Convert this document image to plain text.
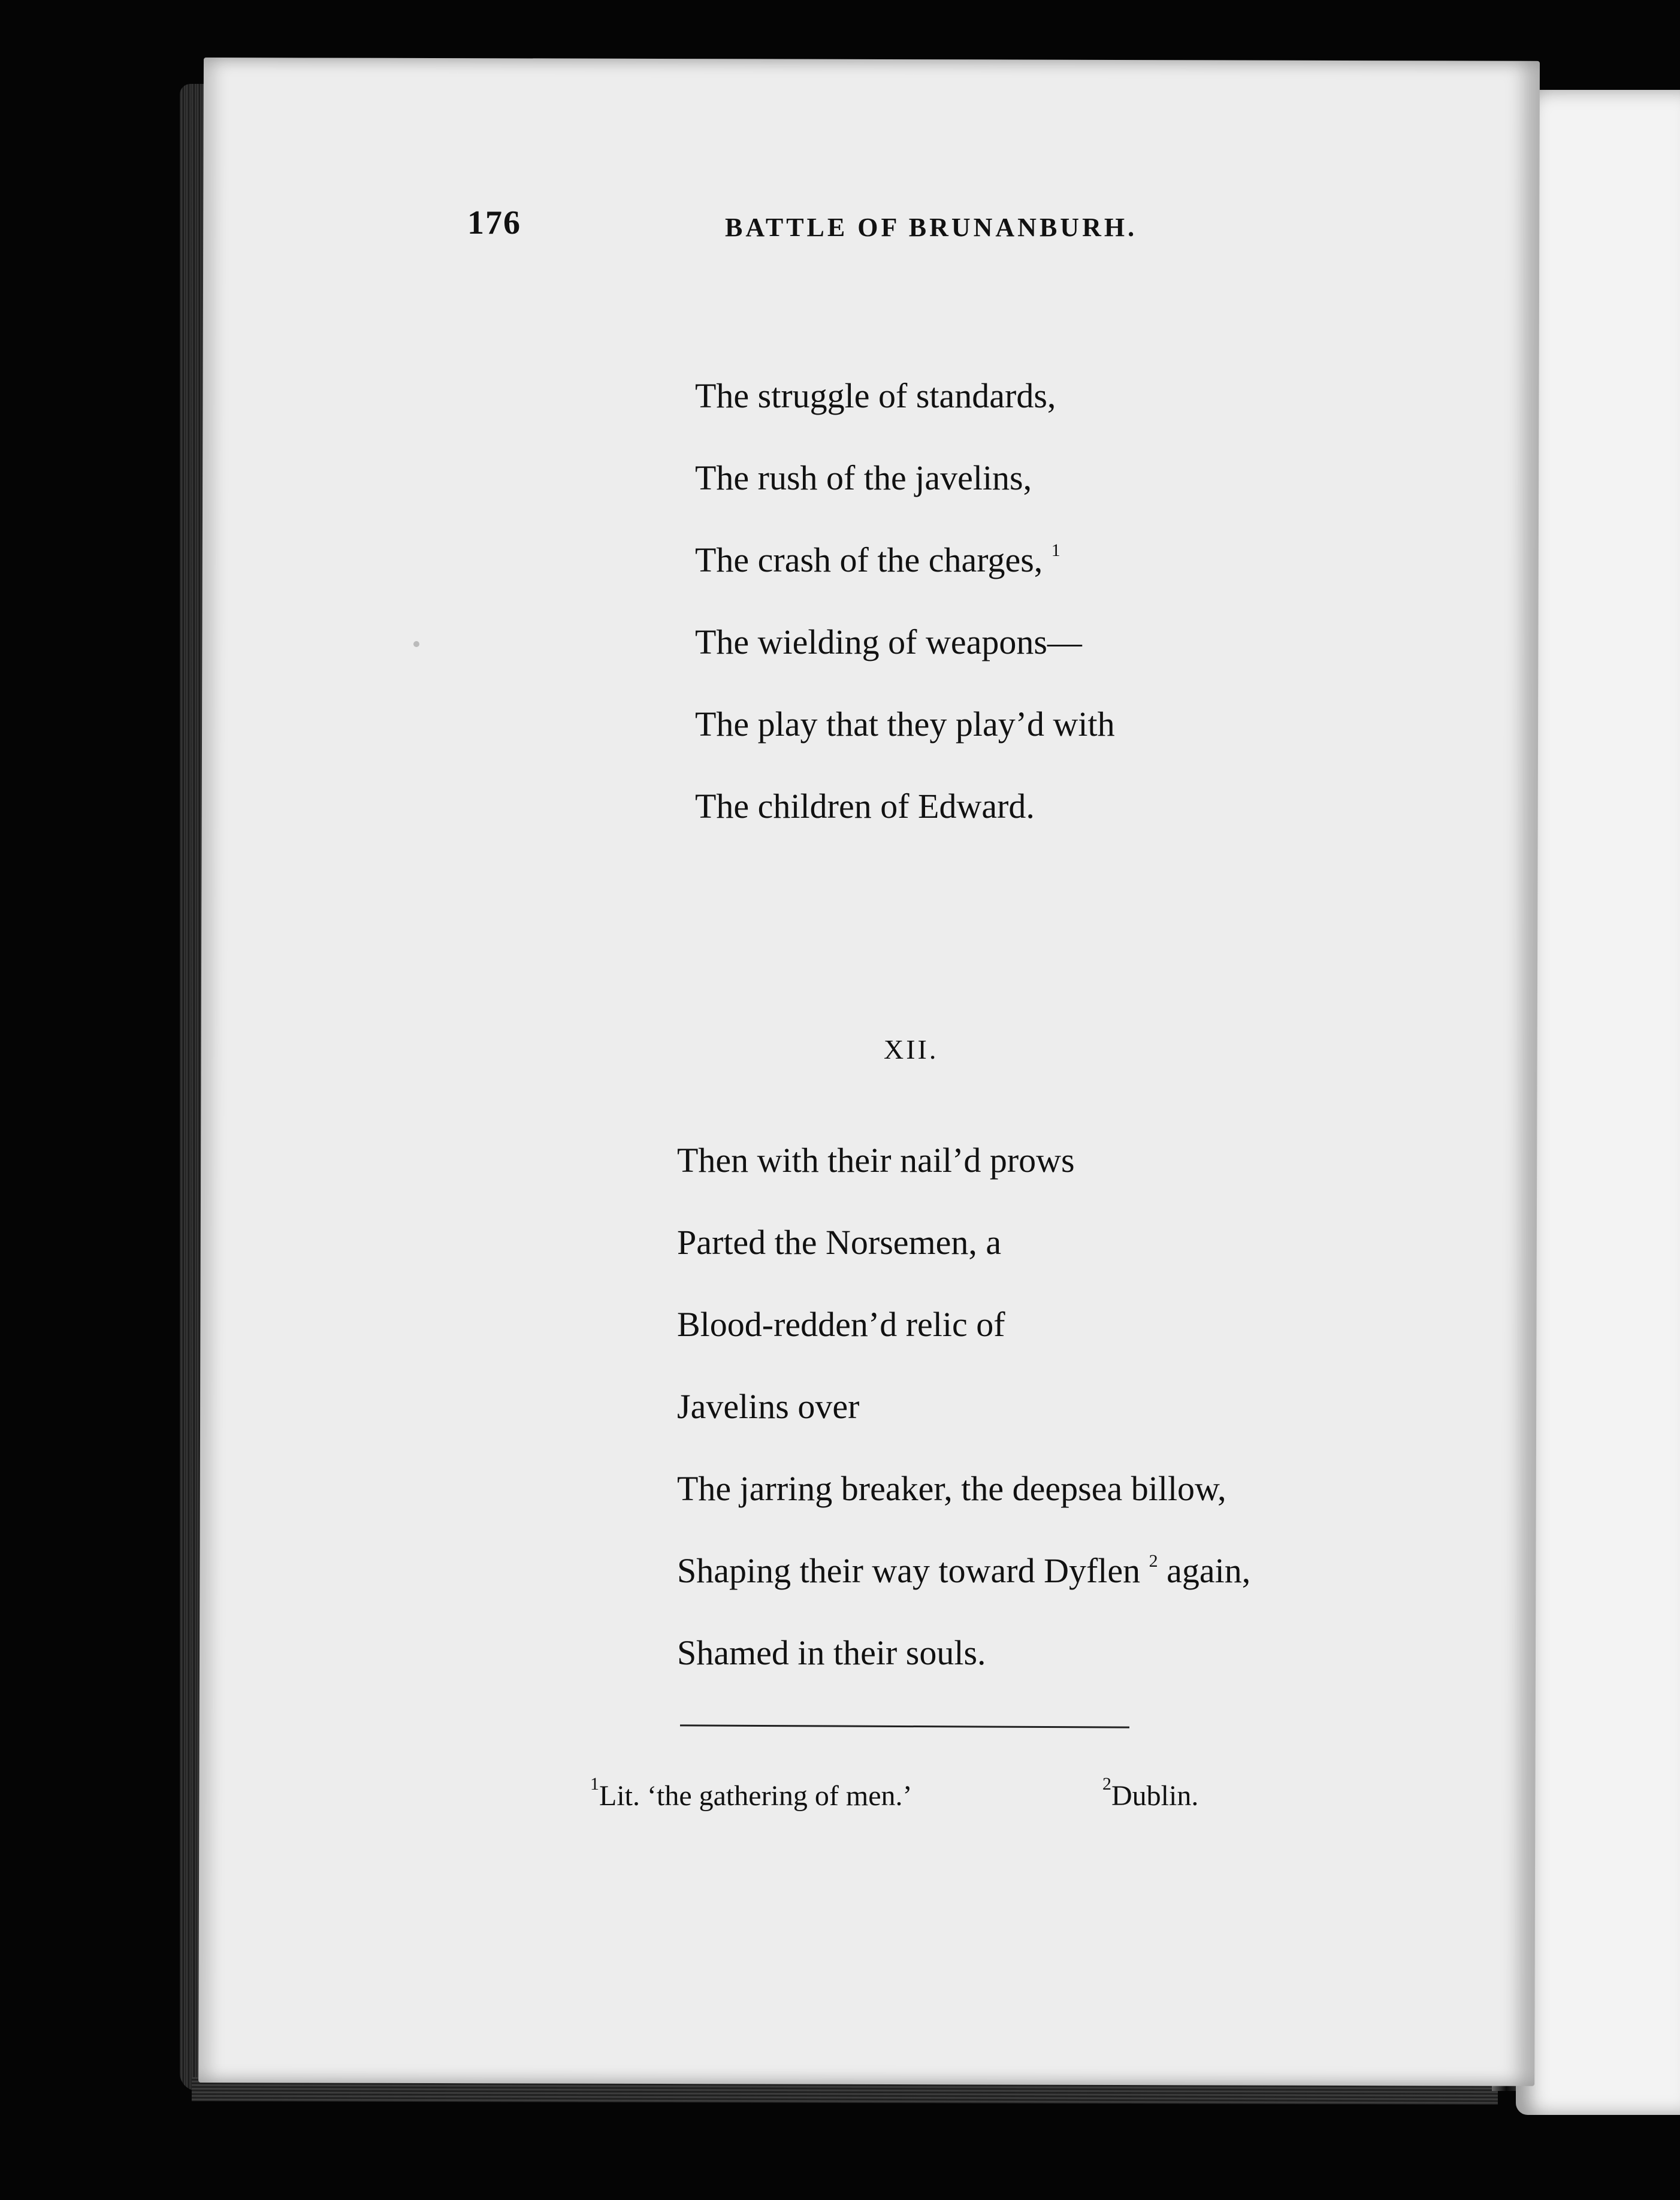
176	BATTLE OF BRUNANBURH.
The struggle of standards,
The rush of the javelins,
The crash of the charges, $^1$
The wielding of weapons—
The play that they play’d with
The children of Edward.
XII.
Then with their nail’d prows
Parted the Norsemen, a
Blood-redden’d relic of
Javelins over
The jarring breaker, the deepsea billow,
Shaping their way toward Dyflen $^2$ again,
Shamed in their souls.
$^1$Lit. ‘the gathering of men.’	$^2$Dublin.
